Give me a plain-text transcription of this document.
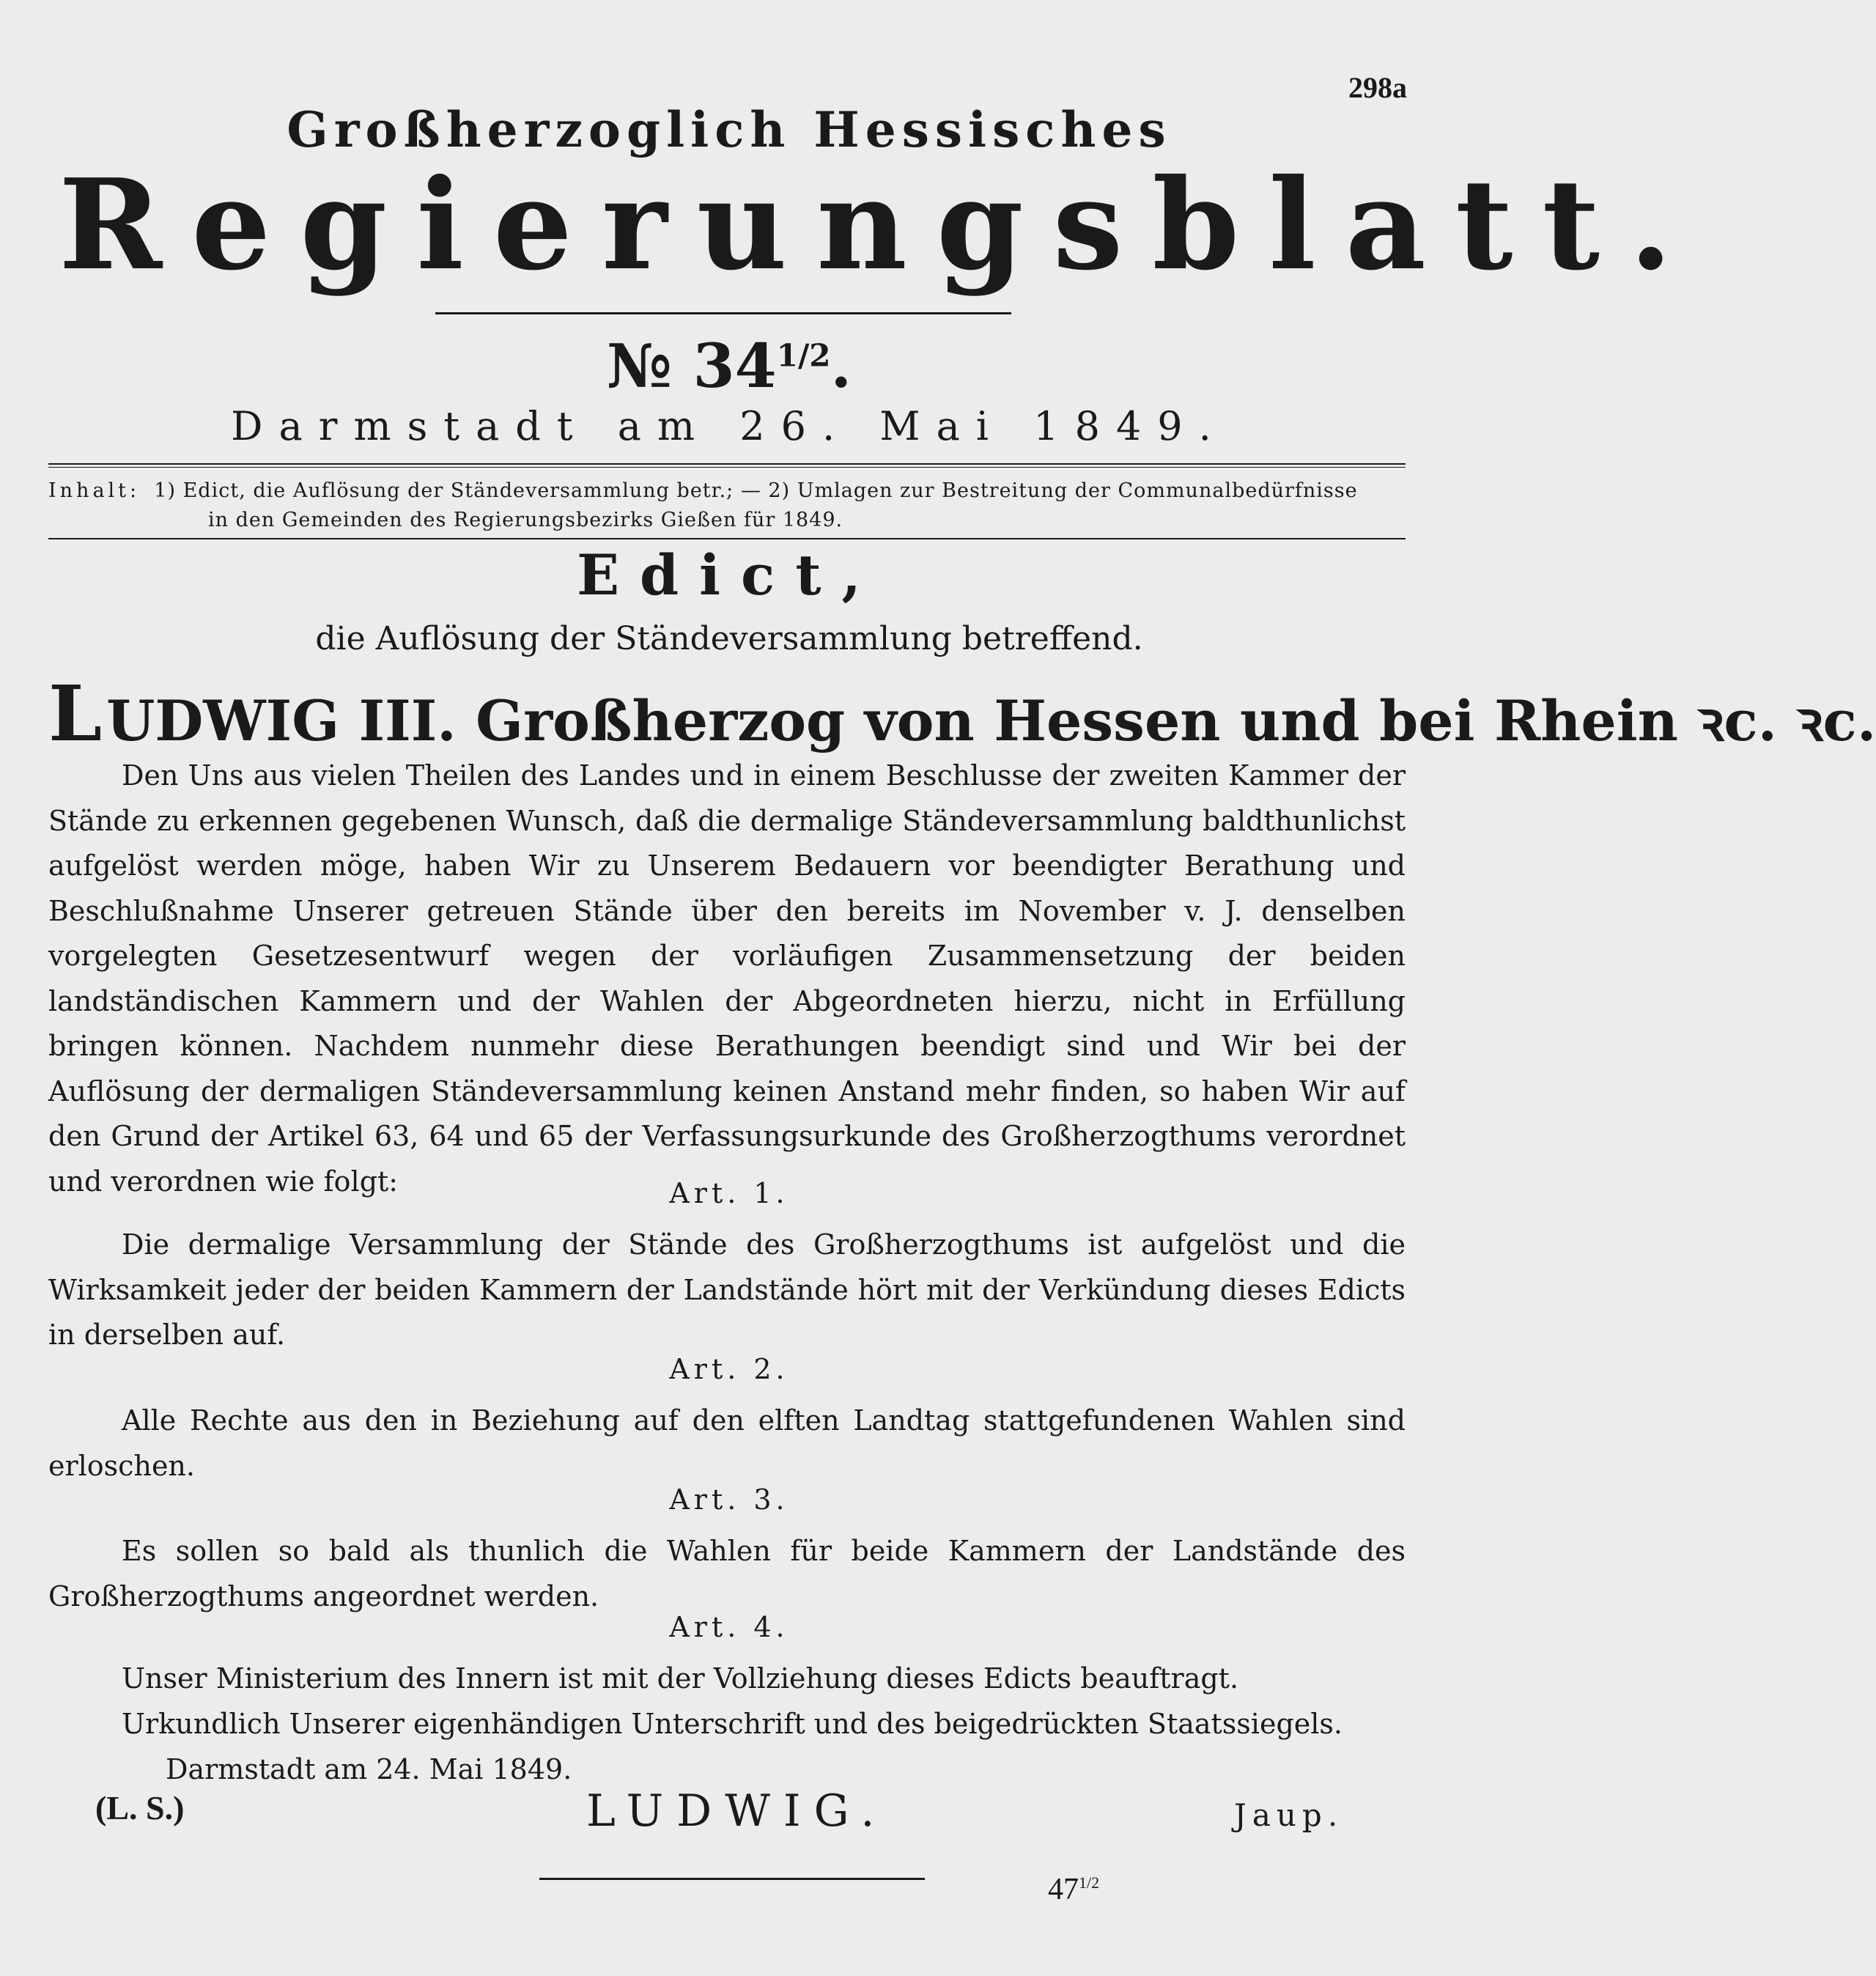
298a
Großherzoglich Hessisches
Regierungsblatt.
№ $34^{1/2}$.
Darmstadt am 26. Mai 1849.
Inhalt: 1) Edict, die Auflösung der Ständeversammlung betr.; — 2) Umlagen zur Bestreitung der Communalbedürfnisse
in den Gemeinden des Regierungsbezirks Gießen für 1849.
Edict,
die Auflösung der Ständeversammlung betreffend.
LUDWIG III. Großherzog von Hessen und bei Rhein ꝛc. ꝛc.
Den Uns aus vielen Theilen des Landes und in einem Beschlusse der zweiten Kammer der Stände zu erkennen gegebenen Wunsch, daß die dermalige Ständeversammlung baldthunlichst aufgelöst werden möge, haben Wir zu Unserem Bedauern vor beendigter Berathung und Beschlußnahme Unserer getreuen Stände über den bereits im November v. J. denselben vorgelegten Gesetzesentwurf wegen der vorläufigen Zusammensetzung der beiden landständischen Kammern und der Wahlen der Abgeordneten hierzu, nicht in Erfüllung bringen können. Nachdem nunmehr diese Berathungen beendigt sind und Wir bei der Auflösung der dermaligen Ständeversammlung keinen Anstand mehr finden, so haben Wir auf den Grund der Artikel 63, 64 und 65 der Verfassungsurkunde des Großherzogthums verordnet und verordnen wie folgt:	Art. 1.
Die dermalige Versammlung der Stände des Großherzogthums ist aufgelöst und die Wirksamkeit jeder der beiden Kammern der Landstände hört mit der Verkündung dieses Edicts in derselben auf.
Art. 2.
Alle Rechte aus den in Beziehung auf den elften Landtag stattgefundenen Wahlen sind erloschen.
Art. 3.
Es sollen so bald als thunlich die Wahlen für beide Kammern der Landstände des Großherzogthums angeordnet werden.
Art. 4.
Unser Ministerium des Innern ist mit der Vollziehung dieses Edicts beauftragt.
Urkundlich Unserer eigenhändigen Unterschrift und des beigedrückten Staatssiegels.
Darmstadt am 24. Mai 1849.
(L. S.)	LUDWIG.	Jaup.
$47^{1/2}$
